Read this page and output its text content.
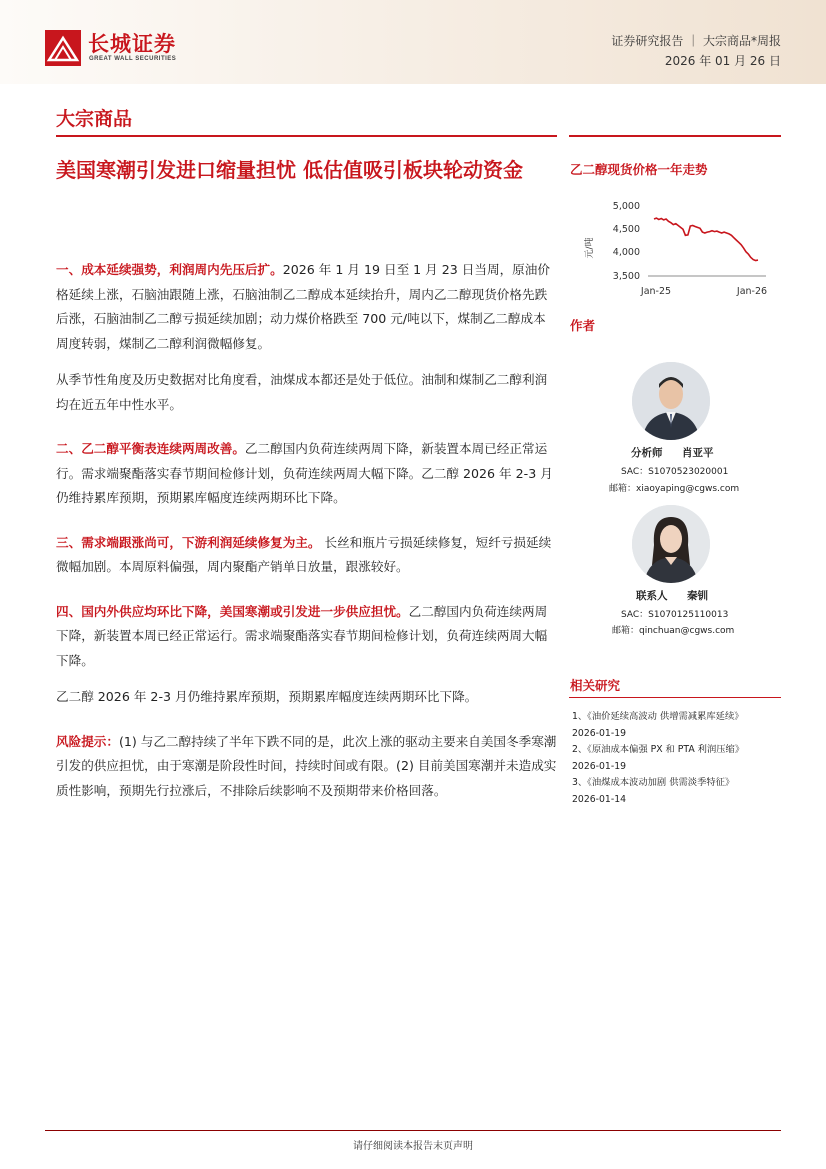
长城证券
GREAT WALL SECURITIES
证券研究报告 ｜ 大宗商品*周报
2026 年 01 月 26 日
大宗商品
美国寒潮引发进口缩量担忧 低估值吸引板块轮动资金

一、成本延续强势，利润周内先压后扩。2026 年 1 月 19 日至 1 月 23 日当周，原油价格延续上涨，石脑油跟随上涨，石脑油制乙二醇成本延续抬升，周内乙二醇现货价格先跌后涨，石脑油制乙二醇亏损延续加剧；动力煤价格跌至 700 元/吨以下，煤制乙二醇成本周度转弱，煤制乙二醇利润微幅修复。

从季节性角度及历史数据对比角度看，油煤成本都还是处于低位。油制和煤制乙二醇利润均在近五年中性水平。

二、乙二醇平衡表连续两周改善。乙二醇国内负荷连续两周下降，新装置本周已经正常运行。需求端聚酯落实春节期间检修计划，负荷连续两周大幅下降。乙二醇 2026 年 2-3 月仍维持累库预期，预期累库幅度连续两期环比下降。

三、需求端跟涨尚可，下游利润延续修复为主。 长丝和瓶片亏损延续修复，短纤亏损延续微幅加剧。本周原料偏强，周内聚酯产销单日放量，跟涨较好。

四、国内外供应均环比下降，美国寒潮或引发进一步供应担忧。乙二醇国内负荷连续两周下降，新装置本周已经正常运行。需求端聚酯落实春节期间检修计划，负荷连续两周大幅下降。

乙二醇 2026 年 2-3 月仍维持累库预期，预期累库幅度连续两期环比下降。

风险提示：(1) 与乙二醇持续了半年下跌不同的是，此次上涨的驱动主要来自美国冬季寒潮引发的供应担忧，由于寒潮是阶段性时间，持续时间或有限。(2) 目前美国寒潮并未造成实质性影响，预期先行拉涨后，不排除后续影响不及预期带来价格回落。

乙二醇现货价格一年走势
元/吨
5,000
4,500
4,000
3,500
Jan-25	Jan-26
作者
分析师 肖亚平
SAC：S1070523020001
邮箱：xiaoyaping@cgws.com
联系人 秦钏
SAC：S1070125110013
邮箱：qinchuan@cgws.com
相关研究
1、《油价延续高波动 供增需减累库延续》
2026-01-19
2、《原油成本偏强 PX 和 PTA 利润压缩》
2026-01-19
3、《油煤成本波动加剧 供需淡季特征》
2026-01-14
请仔细阅读本报告末页声明
